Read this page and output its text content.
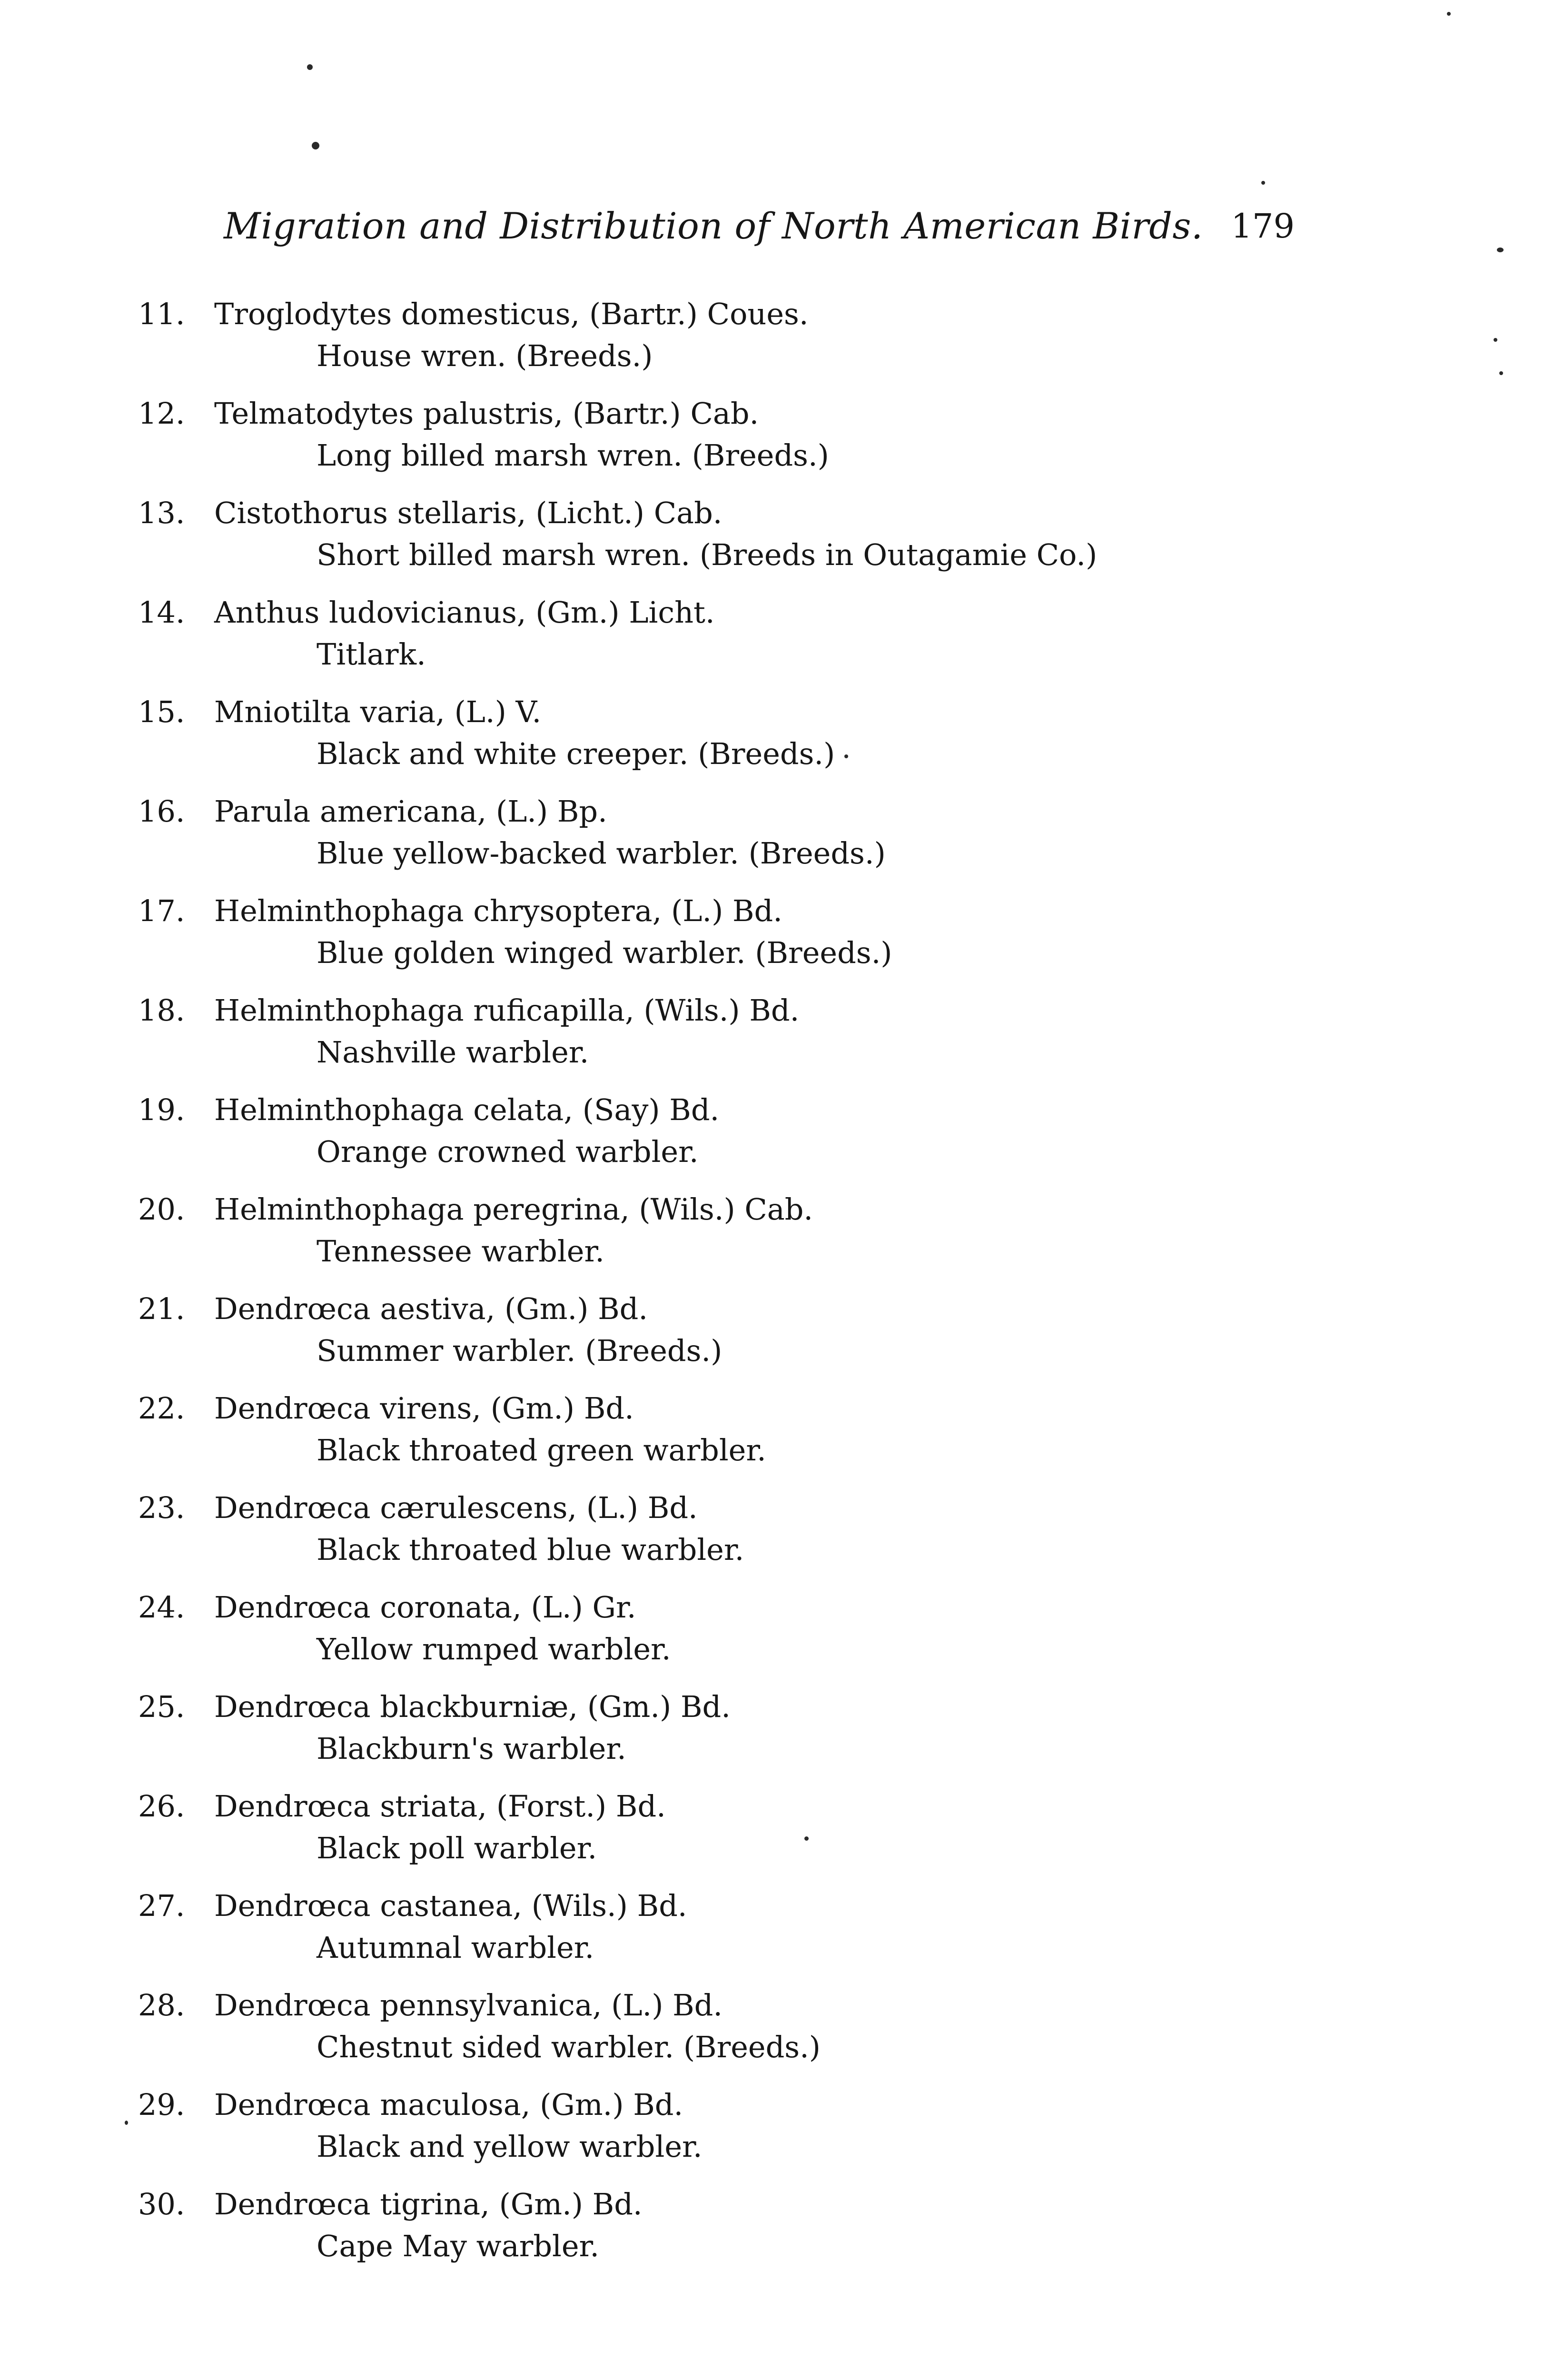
Migration and Distribution of North American Birds. 179
11. Troglodytes domesticus, (Bartr.) Coues.
House wren. (Breeds.)
12. Telmatodytes palustris, (Bartr.) Cab.
Long billed marsh wren. (Breeds.)
13. Cistothorus stellaris, (Licht.) Cab.
Short billed marsh wren. (Breeds in Outagamie Co.)
14. Anthus ludovicianus, (Gm.) Licht.
Titlark.
15. Mniotilta varia, (L.) V.
Black and white creeper. (Breeds.)
16. Parula americana, (L.) Bp.
Blue yellow-backed warbler. (Breeds.)
17. Helminthophaga chrysoptera, (L.) Bd.
Blue golden winged warbler. (Breeds.)
18. Helminthophaga ruficapilla, (Wils.) Bd.
Nashville warbler.
19. Helminthophaga celata, (Say) Bd.
Orange crowned warbler.
20. Helminthophaga peregrina, (Wils.) Cab.
Tennessee warbler.
21. Dendrœca aestiva, (Gm.) Bd.
Summer warbler. (Breeds.)
22. Dendrœca virens, (Gm.) Bd.
Black throated green warbler.
23. Dendrœca cærulescens, (L.) Bd.
Black throated blue warbler.
24. Dendrœca coronata, (L.) Gr.
Yellow rumped warbler.
25. Dendrœca blackburniæ, (Gm.) Bd.
Blackburn's warbler.
26. Dendrœca striata, (Forst.) Bd.
Black poll warbler.
27. Dendrœca castanea, (Wils.) Bd.
Autumnal warbler.
28. Dendrœca pennsylvanica, (L.) Bd.
Chestnut sided warbler. (Breeds.)
29. Dendrœca maculosa, (Gm.) Bd.
Black and yellow warbler.
30. Dendrœca tigrina, (Gm.) Bd.
Cape May warbler.
